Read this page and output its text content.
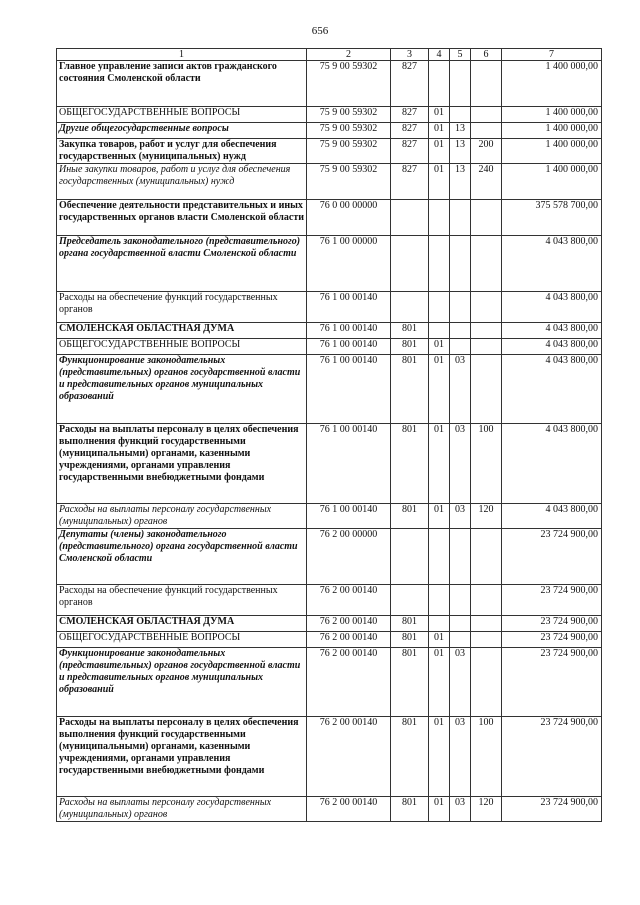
656
1	2	3	4	5	6	7
Главное управление записи актов гражданского состояния Смоленской области	75 9 00 59302	827				1 400 000,00
ОБЩЕГОСУДАРСТВЕННЫЕ ВОПРОСЫ	75 9 00 59302	827	01			1 400 000,00
Другие общегосударственные вопросы	75 9 00 59302	827	01	13		1 400 000,00
Закупка товаров, работ и услуг для обеспечения государственных (муниципальных) нужд	75 9 00 59302	827	01	13	200	1 400 000,00
Иные закупки товаров, работ и услуг для обеспечения государственных (муниципальных) нужд	75 9 00 59302	827	01	13	240	1 400 000,00
Обеспечение деятельности представительных и иных государственных органов власти Смоленской области	76 0 00 00000					375 578 700,00
Председатель законодательного (представительного) органа государственной власти Смоленской области	76 1 00 00000					4 043 800,00
Расходы на обеспечение функций государственных органов	76 1 00 00140					4 043 800,00
СМОЛЕНСКАЯ ОБЛАСТНАЯ ДУМА	76 1 00 00140	801				4 043 800,00
ОБЩЕГОСУДАРСТВЕННЫЕ ВОПРОСЫ	76 1 00 00140	801	01			4 043 800,00
Функционирование законодательных (представительных) органов государственной власти и представительных органов муниципальных образований	76 1 00 00140	801	01	03		4 043 800,00
Расходы на выплаты персоналу в целях обеспечения выполнения функций государственными (муниципальными) органами, казенными учреждениями, органами управления государственными внебюджетными фондами	76 1 00 00140	801	01	03	100	4 043 800,00
Расходы на выплаты персоналу государственных (муниципальных) органов	76 1 00 00140	801	01	03	120	4 043 800,00
Депутаты (члены) законодательного (представительного) органа государственной власти Смоленской области	76 2 00 00000					23 724 900,00
Расходы на обеспечение функций государственных органов	76 2 00 00140					23 724 900,00
СМОЛЕНСКАЯ ОБЛАСТНАЯ ДУМА	76 2 00 00140	801				23 724 900,00
ОБЩЕГОСУДАРСТВЕННЫЕ ВОПРОСЫ	76 2 00 00140	801	01			23 724 900,00
Функционирование законодательных (представительных) органов государственной власти и представительных органов муниципальных образований	76 2 00 00140	801	01	03		23 724 900,00
Расходы на выплаты персоналу в целях обеспечения выполнения функций государственными (муниципальными) органами, казенными учреждениями, органами управления государственными внебюджетными фондами	76 2 00 00140	801	01	03	100	23 724 900,00
Расходы на выплаты персоналу государственных (муниципальных) органов	76 2 00 00140	801	01	03	120	23 724 900,00
